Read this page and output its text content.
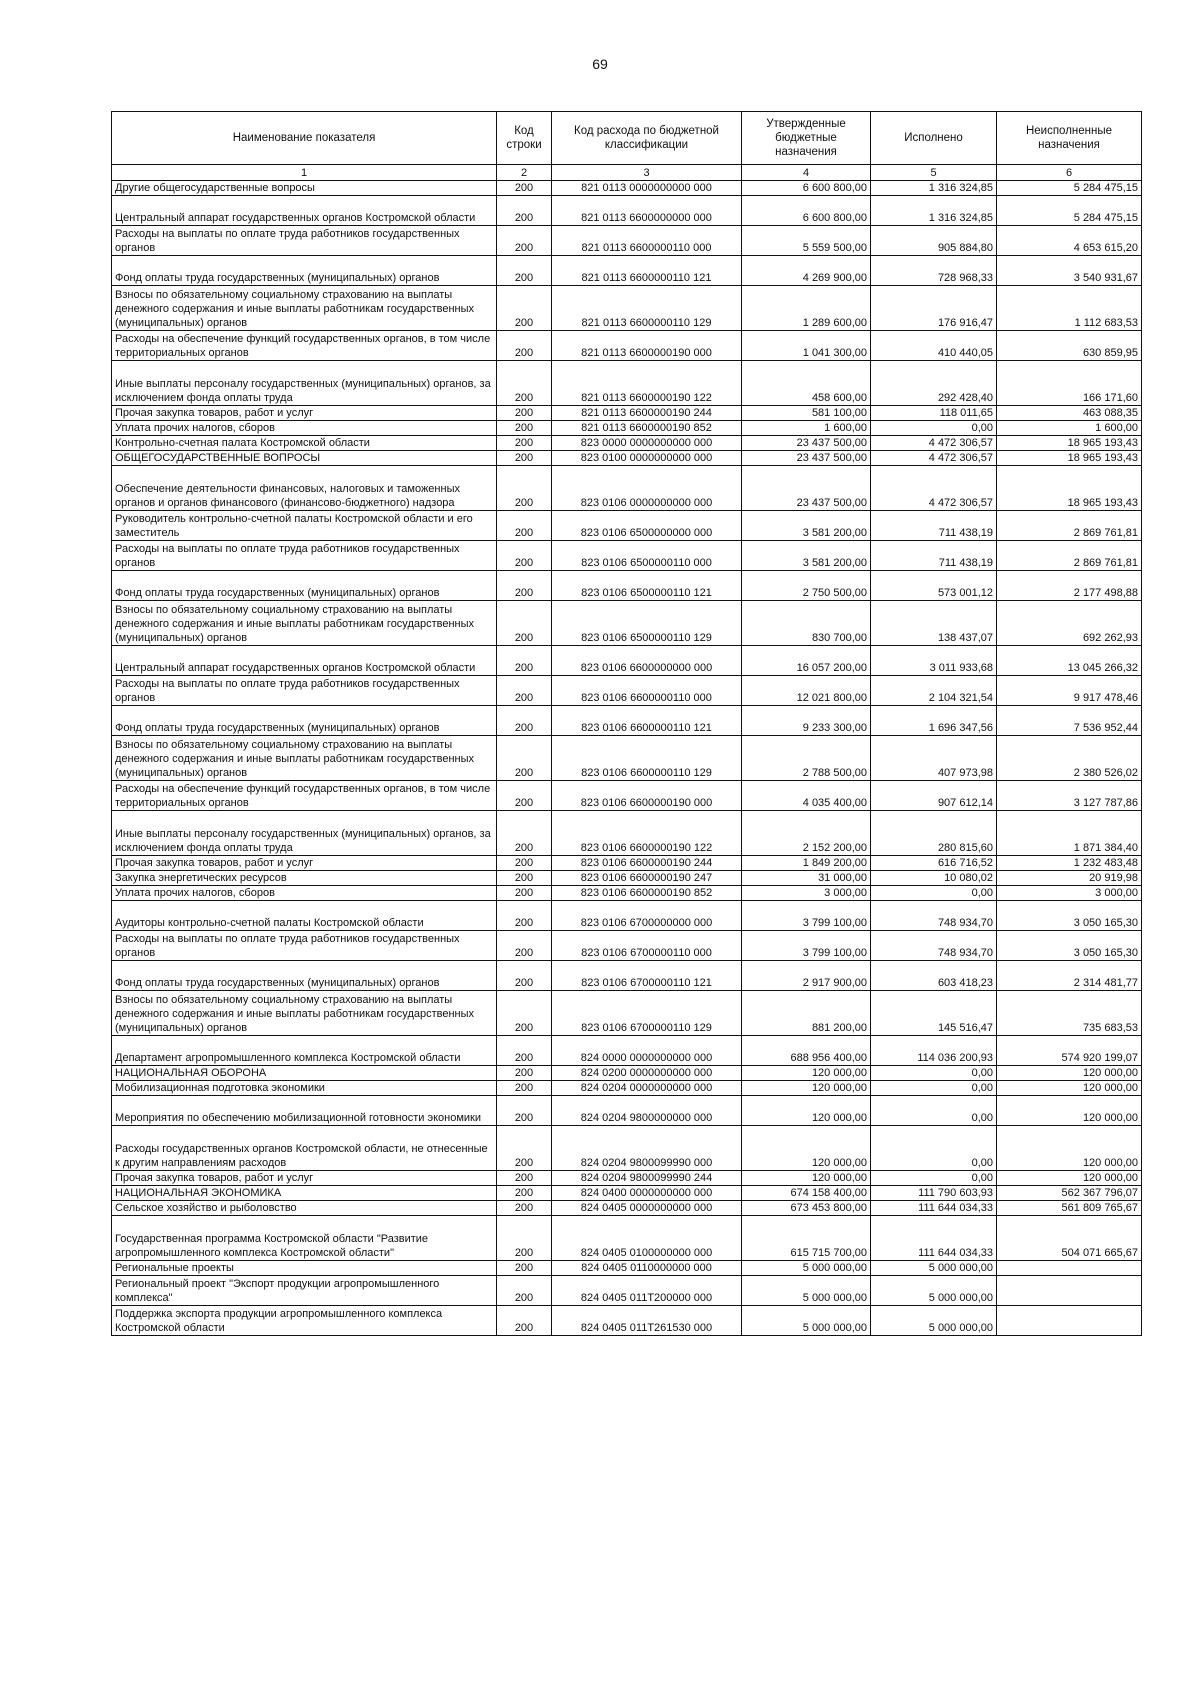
69
Наименование показателя	Код строки	Код расхода по бюджетной классификации	Утвержденные бюджетные назначения	Исполнено	Неисполненные назначения
1	2	3	4	5	6
Другие общегосударственные вопросы	200	821 0113 0000000000 000	6 600 800,00	1 316 324,85	5 284 475,15
Центральный аппарат государственных органов Костромской области	200	821 0113 6600000000 000	6 600 800,00	1 316 324,85	5 284 475,15
Расходы на выплаты по оплате труда работников государственных органов	200	821 0113 6600000110 000	5 559 500,00	905 884,80	4 653 615,20
Фонд оплаты труда государственных (муниципальных) органов	200	821 0113 6600000110 121	4 269 900,00	728 968,33	3 540 931,67
Взносы по обязательному социальному страхованию на выплаты денежного содержания и иные выплаты работникам государственных (муниципальных) органов	200	821 0113 6600000110 129	1 289 600,00	176 916,47	1 112 683,53
Расходы на обеспечение функций государственных органов, в том числе территориальных органов	200	821 0113 6600000190 000	1 041 300,00	410 440,05	630 859,95
Иные выплаты персоналу государственных (муниципальных) органов, за исключением фонда оплаты труда	200	821 0113 6600000190 122	458 600,00	292 428,40	166 171,60
Прочая закупка товаров, работ и услуг	200	821 0113 6600000190 244	581 100,00	118 011,65	463 088,35
Уплата прочих налогов, сборов	200	821 0113 6600000190 852	1 600,00	0,00	1 600,00
Контрольно-счетная палата Костромской области	200	823 0000 0000000000 000	23 437 500,00	4 472 306,57	18 965 193,43
ОБЩЕГОСУДАРСТВЕННЫЕ ВОПРОСЫ	200	823 0100 0000000000 000	23 437 500,00	4 472 306,57	18 965 193,43
Обеспечение деятельности финансовых, налоговых и таможенных органов и органов финансового (финансово-бюджетного) надзора	200	823 0106 0000000000 000	23 437 500,00	4 472 306,57	18 965 193,43
Руководитель контрольно-счетной палаты Костромской области и его заместитель	200	823 0106 6500000000 000	3 581 200,00	711 438,19	2 869 761,81
Расходы на выплаты по оплате труда работников государственных органов	200	823 0106 6500000110 000	3 581 200,00	711 438,19	2 869 761,81
Фонд оплаты труда государственных (муниципальных) органов	200	823 0106 6500000110 121	2 750 500,00	573 001,12	2 177 498,88
Взносы по обязательному социальному страхованию на выплаты денежного содержания и иные выплаты работникам государственных (муниципальных) органов	200	823 0106 6500000110 129	830 700,00	138 437,07	692 262,93
Центральный аппарат государственных органов Костромской области	200	823 0106 6600000000 000	16 057 200,00	3 011 933,68	13 045 266,32
Расходы на выплаты по оплате труда работников государственных органов	200	823 0106 6600000110 000	12 021 800,00	2 104 321,54	9 917 478,46
Фонд оплаты труда государственных (муниципальных) органов	200	823 0106 6600000110 121	9 233 300,00	1 696 347,56	7 536 952,44
Взносы по обязательному социальному страхованию на выплаты денежного содержания и иные выплаты работникам государственных (муниципальных) органов	200	823 0106 6600000110 129	2 788 500,00	407 973,98	2 380 526,02
Расходы на обеспечение функций государственных органов, в том числе территориальных органов	200	823 0106 6600000190 000	4 035 400,00	907 612,14	3 127 787,86
Иные выплаты персоналу государственных (муниципальных) органов, за исключением фонда оплаты труда	200	823 0106 6600000190 122	2 152 200,00	280 815,60	1 871 384,40
Прочая закупка товаров, работ и услуг	200	823 0106 6600000190 244	1 849 200,00	616 716,52	1 232 483,48
Закупка энергетических ресурсов	200	823 0106 6600000190 247	31 000,00	10 080,02	20 919,98
Уплата прочих налогов, сборов	200	823 0106 6600000190 852	3 000,00	0,00	3 000,00
Аудиторы контрольно-счетной палаты Костромской области	200	823 0106 6700000000 000	3 799 100,00	748 934,70	3 050 165,30
Расходы на выплаты по оплате труда работников государственных органов	200	823 0106 6700000110 000	3 799 100,00	748 934,70	3 050 165,30
Фонд оплаты труда государственных (муниципальных) органов	200	823 0106 6700000110 121	2 917 900,00	603 418,23	2 314 481,77
Взносы по обязательному социальному страхованию на выплаты денежного содержания и иные выплаты работникам государственных (муниципальных) органов	200	823 0106 6700000110 129	881 200,00	145 516,47	735 683,53
Департамент агропромышленного комплекса Костромской области	200	824 0000 0000000000 000	688 956 400,00	114 036 200,93	574 920 199,07
НАЦИОНАЛЬНАЯ ОБОРОНА	200	824 0200 0000000000 000	120 000,00	0,00	120 000,00
Мобилизационная подготовка экономики	200	824 0204 0000000000 000	120 000,00	0,00	120 000,00
Мероприятия по обеспечению мобилизационной готовности экономики	200	824 0204 9800000000 000	120 000,00	0,00	120 000,00
Расходы государственных органов Костромской области, не отнесенные к другим направлениям расходов	200	824 0204 9800099990 000	120 000,00	0,00	120 000,00
Прочая закупка товаров, работ и услуг	200	824 0204 9800099990 244	120 000,00	0,00	120 000,00
НАЦИОНАЛЬНАЯ ЭКОНОМИКА	200	824 0400 0000000000 000	674 158 400,00	111 790 603,93	562 367 796,07
Сельское хозяйство и рыболовство	200	824 0405 0000000000 000	673 453 800,00	111 644 034,33	561 809 765,67
Государственная программа Костромской области "Развитие агропромышленного комплекса Костромской области"	200	824 0405 0100000000 000	615 715 700,00	111 644 034,33	504 071 665,67
Региональные проекты	200	824 0405 0110000000 000	5 000 000,00	5 000 000,00	
Региональный проект "Экспорт продукции агропромышленного комплекса"	200	824 0405 011Т200000 000	5 000 000,00	5 000 000,00	
Поддержка экспорта продукции агропромышленного комплекса Костромской области	200	824 0405 011Т261530 000	5 000 000,00	5 000 000,00	
